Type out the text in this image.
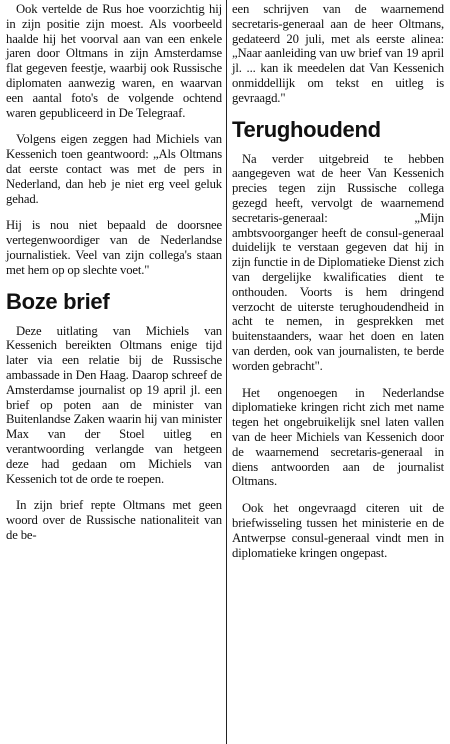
Ook vertelde de Rus hoe voorzichtig hij in zijn positie zijn moest. Als voorbeeld haalde hij het voorval aan van een enkele jaren door Oltmans in zijn Amsterdamse flat gegeven feestje, waarbij ook Russische diplomaten aanwezig waren, en waarvan een aantal foto's de volgende ochtend waren gepubliceerd in De Telegraaf.

Volgens eigen zeggen had Michiels van Kessenich toen geantwoord: „Als Oltmans dat eerste contact was met de pers in Nederland, dan heb je niet erg veel geluk gehad.

Hij is nou niet bepaald de doorsnee vertegenwoordiger van de Nederlandse journalistiek. Veel van zijn collega's staan met hem op op slechte voet."

Boze brief

Deze uitlating van Michiels van Kessenich bereikten Oltmans enige tijd later via een relatie bij de Russische ambassade in Den Haag. Daarop schreef de Amsterdamse journalist op 19 april jl. een brief op poten aan de minister van Buitenlandse Zaken waarin hij van minister Max van der Stoel uitleg en verantwoording verlangde van hetgeen deze had gedaan om Michiels van Kessenich tot de orde te roepen.

In zijn brief repte Oltmans met geen woord over de Russische nationaliteit van de be-

een schrijven van de waarnemend secretaris-generaal aan de heer Oltmans, gedateerd 20 juli, met als eerste alinea: „Naar aanleiding van uw brief van 19 april jl. ... kan ik meedelen dat Van Kessenich onmiddellijk om tekst en uitleg is gevraagd."

Terughoudend

Na verder uitgebreid te hebben aangegeven wat de heer Van Kessenich precies tegen zijn Russische collega gezegd heeft, vervolgt de waarnemend secretaris-generaal: „Mijn ambtsvoorganger heeft de consul-generaal duidelijk te verstaan gegeven dat hij in zijn functie in de Diplomatieke Dienst zich van dergelijke kwalificaties dient te onthouden. Voorts is hem dringend verzocht de uiterste terughoudendheid in acht te nemen, in gesprekken met buitenstaanders, waar het doen en laten van derden, ook van journalisten, te berde worden gebracht".

Het ongenoegen in Nederlandse diplomatieke kringen richt zich met name tegen het ongebruikelijk snel laten vallen van de heer Michiels van Kessenich door de waarnemend secretaris-generaal in diens antwoorden aan de journalist Oltmans.

Ook het ongevraagd citeren uit de briefwisseling tussen het ministerie en de Antwerpse consul-generaal vindt men in diplomatieke kringen ongepast.
